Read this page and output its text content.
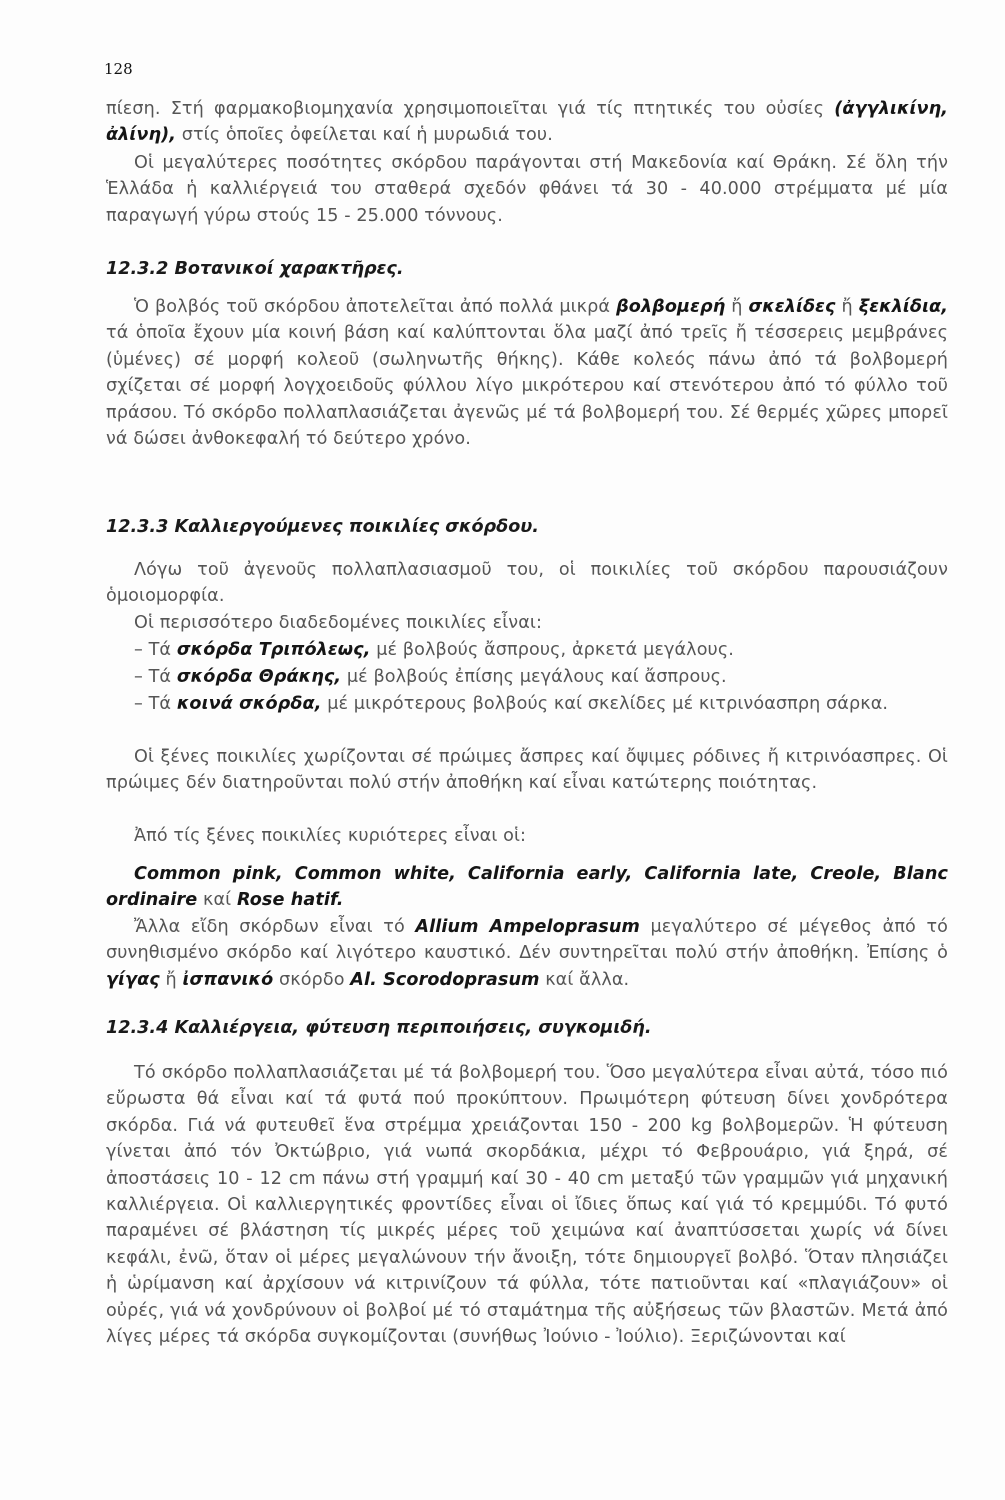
128

πίεση. Στή φαρμακοβιομηχανία χρησιμοποιεῖται γιά τίς πτητικές του οὐσίες (ἀγγλικίνη, ἀλίνη), στίς ὁποῖες ὀφείλεται καί ἡ μυρωδιά του.

Οἱ μεγαλύτερες ποσότητες σκόρδου παράγονται στή Μακεδονία καί Θράκη. Σέ ὅλη τήν Ἑλλάδα ἡ καλλιέργειά του σταθερά σχεδόν φθάνει τά 30 - 40.000 στρέμματα μέ μία παραγωγή γύρω στούς 15 - 25.000 τόννους.

12.3.2 Βοτανικοί χαρακτῆρες.

Ὁ βολβός τοῦ σκόρδου ἀποτελεῖται ἀπό πολλά μικρά βολβομερή ἤ σκελίδες ἤ ξεκλίδια, τά ὁποῖα ἔχουν μία κοινή βάση καί καλύπτονται ὅλα μαζί ἀπό τρεῖς ἤ τέσσερεις μεμβράνες (ὑμένες) σέ μορφή κολεοῦ (σωληνωτῆς θήκης). Κάθε κολεός πάνω ἀπό τά βολβομερή σχίζεται σέ μορφή λογχοειδοῦς φύλλου λίγο μικρότερου καί στενότερου ἀπό τό φύλλο τοῦ πράσου. Τό σκόρδο πολλαπλασιάζεται ἀγενῶς μέ τά βολβομερή του. Σέ θερμές χῶρες μπορεῖ νά δώσει ἀνθοκεφαλή τό δεύτερο χρόνο.

12.3.3 Καλλιεργούμενες ποικιλίες σκόρδου.

Λόγω τοῦ ἀγενοῦς πολλαπλασιασμοῦ του, οἱ ποικιλίες τοῦ σκόρδου παρουσιάζουν ὁμοιομορφία.

Οἱ περισσότερο διαδεδομένες ποικιλίες εἶναι:

– Τά σκόρδα Τριπόλεως, μέ βολβούς ἄσπρους, ἀρκετά μεγάλους.

– Τά σκόρδα Θράκης, μέ βολβούς ἐπίσης μεγάλους καί ἄσπρους.

– Τά κοινά σκόρδα, μέ μικρότερους βολβούς καί σκελίδες μέ κιτρινόασπρη σάρκα.

Οἱ ξένες ποικιλίες χωρίζονται σέ πρώιμες ἄσπρες καί ὄψιμες ρόδινες ἤ κιτρινόασπρες. Οἱ πρώιμες δέν διατηροῦνται πολύ στήν ἀποθήκη καί εἶναι κατώτερης ποιότητας.

Ἀπό τίς ξένες ποικιλίες κυριότερες εἶναι οἱ:

Common pink, Common white, California early, California late, Creole, Blanc ordinaire καί Rose hatif.

Ἄλλα εἴδη σκόρδων εἶναι τό Allium Ampeloprasum μεγαλύτερο σέ μέγεθος ἀπό τό συνηθισμένο σκόρδο καί λιγότερο καυστικό. Δέν συντηρεῖται πολύ στήν ἀποθήκη. Ἐπίσης ὁ γίγας ἤ ἰσπανικό σκόρδο Al. Scorodoprasum καί ἄλλα.

12.3.4 Καλλιέργεια, φύτευση περιποιήσεις, συγκομιδή.

Τό σκόρδο πολλαπλασιάζεται μέ τά βολβομερή του. Ὅσο μεγαλύτερα εἶναι αὐτά, τόσο πιό εὔρωστα θά εἶναι καί τά φυτά πού προκύπτουν. Πρωιμότερη φύτευση δίνει χονδρότερα σκόρδα. Γιά νά φυτευθεῖ ἕνα στρέμμα χρειάζονται 150 - 200 kg βολβομερῶν. Ἡ φύτευση γίνεται ἀπό τόν Ὀκτώβριο, γιά νωπά σκορδάκια, μέχρι τό Φεβρουάριο, γιά ξηρά, σέ ἀποστάσεις 10 - 12 cm πάνω στή γραμμή καί 30 - 40 cm μεταξύ τῶν γραμμῶν γιά μηχανική καλλιέργεια. Οἱ καλλιεργητικές φροντίδες εἶναι οἱ ἴδιες ὅπως καί γιά τό κρεμμύδι. Τό φυτό παραμένει σέ βλάστηση τίς μικρές μέρες τοῦ χειμώνα καί ἀναπτύσσεται χωρίς νά δίνει κεφάλι, ἐνῶ, ὅταν οἱ μέρες μεγαλώνουν τήν ἄνοιξη, τότε δημιουργεῖ βολβό. Ὅταν πλησιάζει ἡ ὡρίμανση καί ἀρχίσουν νά κιτρινίζουν τά φύλλα, τότε πατιοῦνται καί «πλαγιάζουν» οἱ οὐρές, γιά νά χονδρύνουν οἱ βολβοί μέ τό σταμάτημα τῆς αὐξήσεως τῶν βλαστῶν. Μετά ἀπό λίγες μέρες τά σκόρδα συγκομίζονται (συνήθως Ἰούνιο - Ἰούλιο). Ξεριζώνονται καί
